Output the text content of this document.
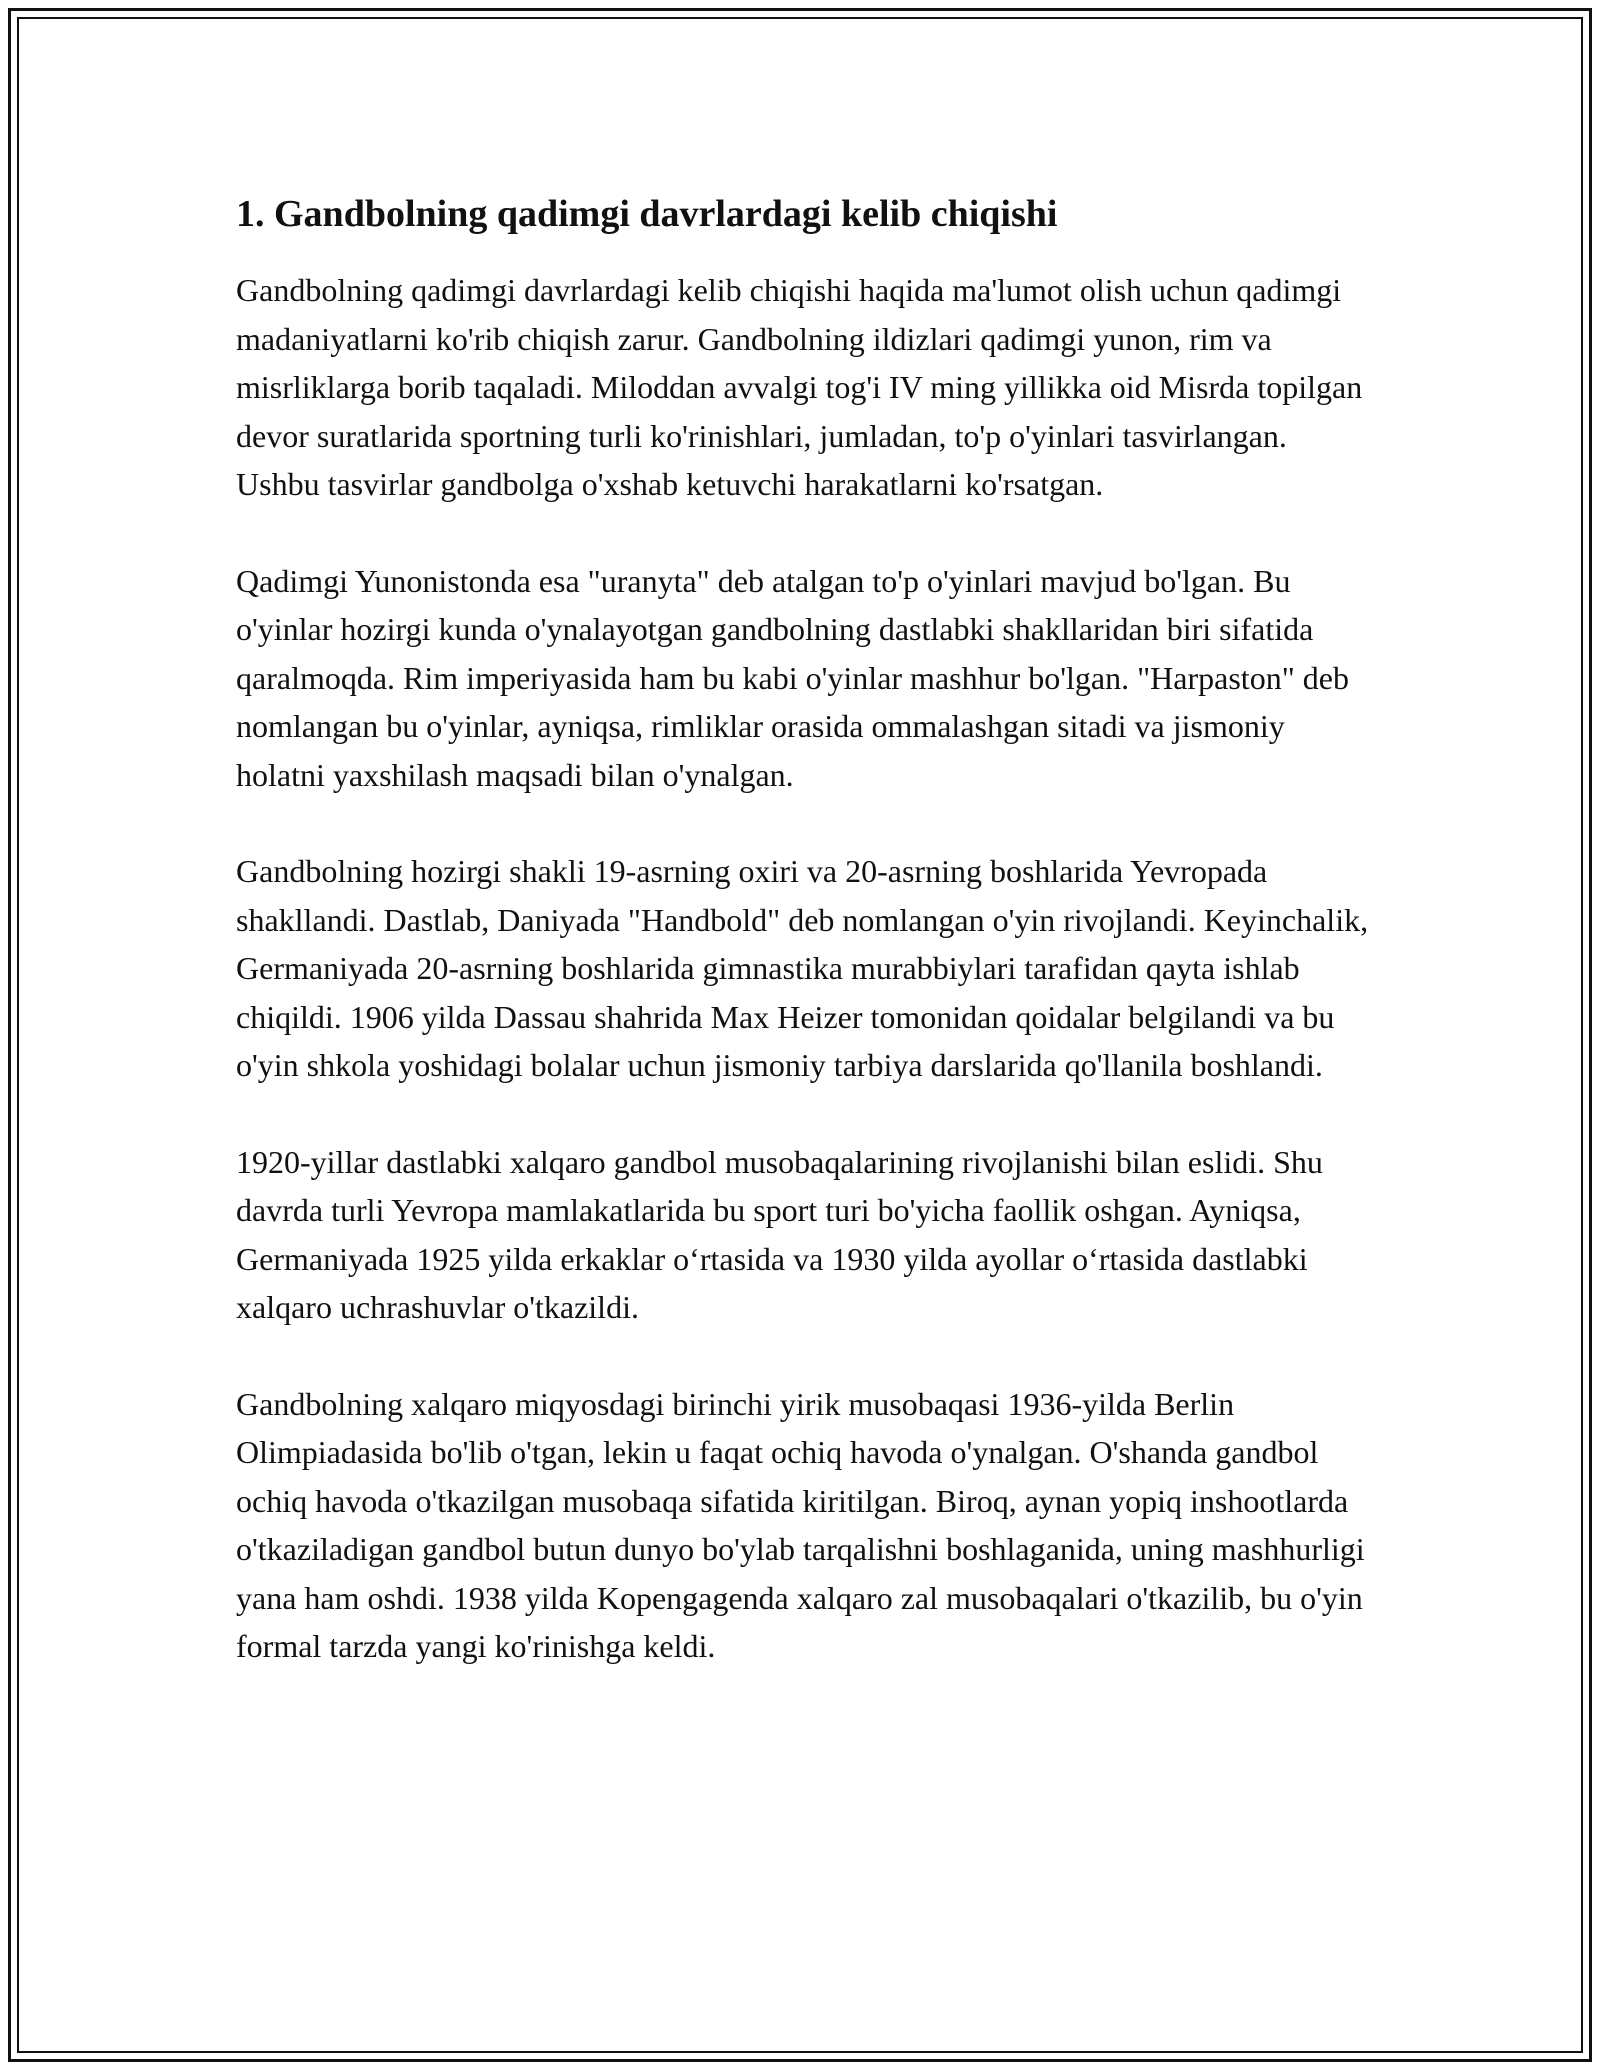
1. Gandbolning qadimgi davrlardagi kelib chiqishi

Gandbolning qadimgi davrlardagi kelib chiqishi haqida ma'lumot olish uchun qadimgi madaniyatlarni ko'rib chiqish zarur. Gandbolning ildizlari qadimgi yunon, rim va misrliklarga borib taqaladi. Miloddan avvalgi tog'i IV ming yillikka oid Misrda topilgan devor suratlarida sportning turli ko'rinishlari, jumladan, to'p o'yinlari tasvirlangan. Ushbu tasvirlar gandbolga o'xshab ketuvchi harakatlarni ko'rsatgan.

Qadimgi Yunonistonda esa "uranyta" deb atalgan to'p o'yinlari mavjud bo'lgan. Bu o'yinlar hozirgi kunda o'ynalayotgan gandbolning dastlabki shakllaridan biri sifatida qaralmoqda. Rim imperiyasida ham bu kabi o'yinlar mashhur bo'lgan. "Harpaston" deb nomlangan bu o'yinlar, ayniqsa, rimliklar orasida ommalashgan sitadi va jismoniy holatni yaxshilash maqsadi bilan o'ynalgan.

Gandbolning hozirgi shakli 19-asrning oxiri va 20-asrning boshlarida Yevropada shakllandi. Dastlab, Daniyada "Handbold" deb nomlangan o'yin rivojlandi. Keyinchalik, Germaniyada 20-asrning boshlarida gimnastika murabbiylari tarafidan qayta ishlab chiqildi. 1906 yilda Dassau shahrida Max Heizer tomonidan qoidalar belgilandi va bu o'yin shkola yoshidagi bolalar uchun jismoniy tarbiya darslarida qo'llanila boshlandi.

1920-yillar dastlabki xalqaro gandbol musobaqalarining rivojlanishi bilan eslidi. Shu davrda turli Yevropa mamlakatlarida bu sport turi bo'yicha faollik oshgan. Ayniqsa, Germaniyada 1925 yilda erkaklar oʻrtasida va 1930 yilda ayollar oʻrtasida dastlabki xalqaro uchrashuvlar o'tkazildi.

Gandbolning xalqaro miqyosdagi birinchi yirik musobaqasi 1936-yilda Berlin Olimpiadasida bo'lib o'tgan, lekin u faqat ochiq havoda o'ynalgan. O'shanda gandbol ochiq havoda o'tkazilgan musobaqa sifatida kiritilgan. Biroq, aynan yopiq inshootlarda o'tkaziladigan gandbol butun dunyo bo'ylab tarqalishni boshlaganida, uning mashhurligi yana ham oshdi. 1938 yilda Kopengagenda xalqaro zal musobaqalari o'tkazilib, bu o'yin formal tarzda yangi ko'rinishga keldi.
